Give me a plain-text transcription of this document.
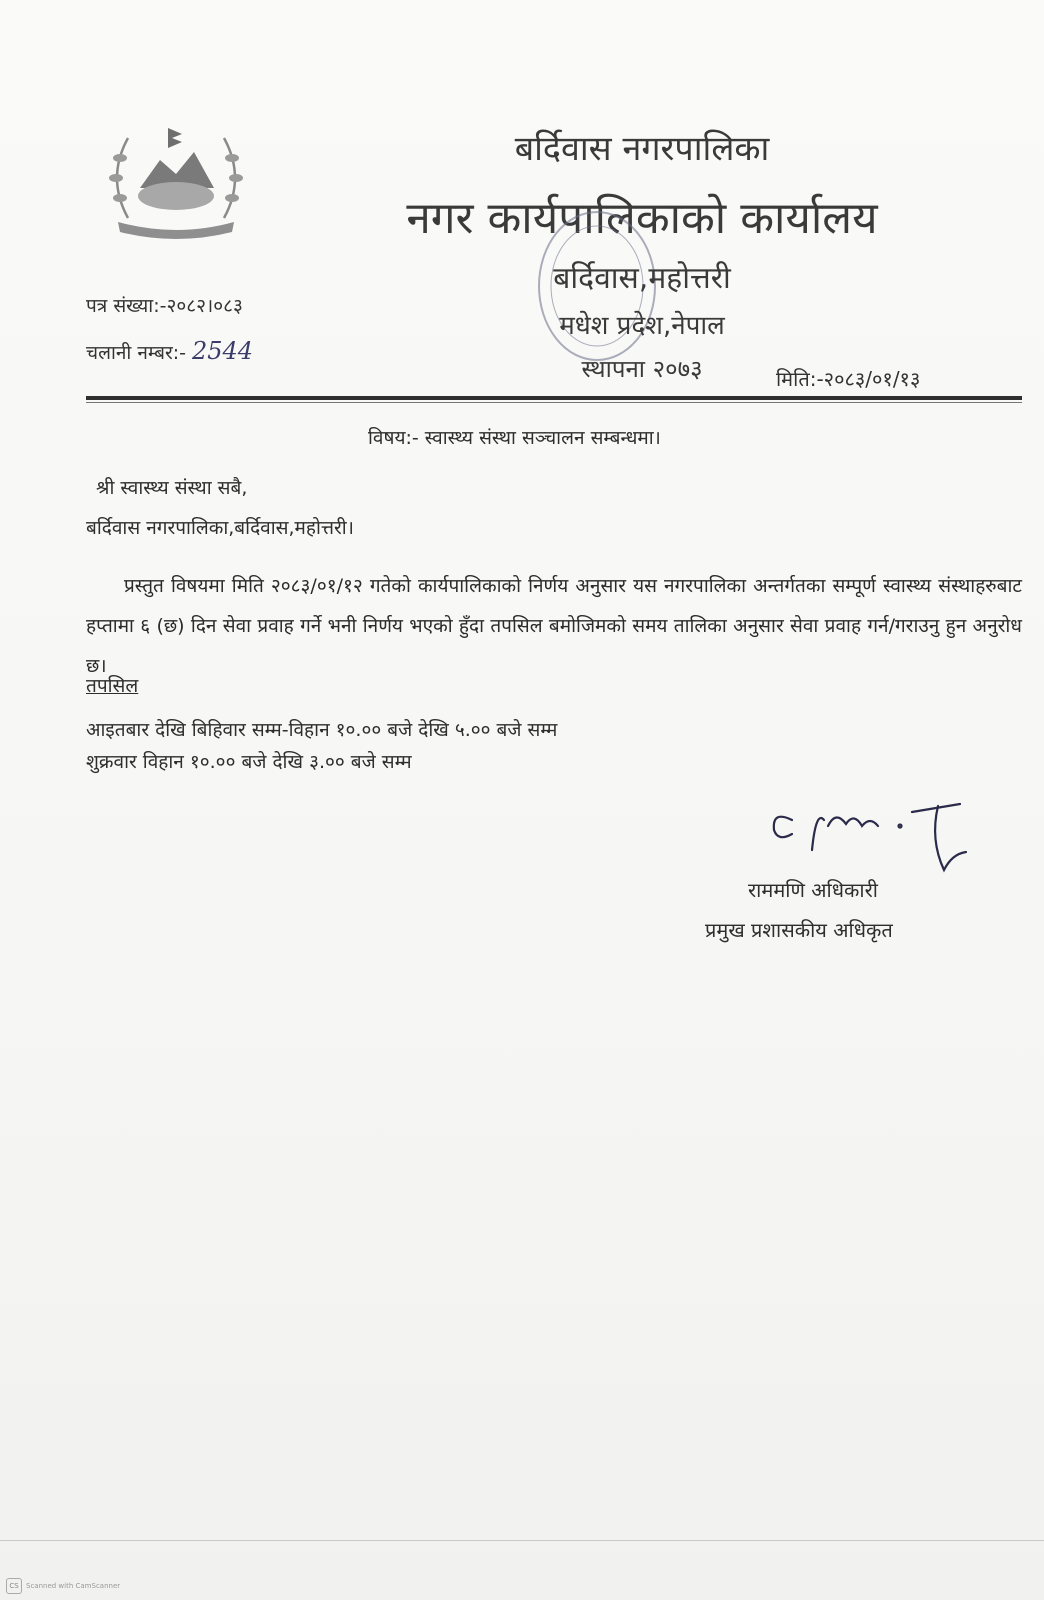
बर्दिवास नगरपालिका
नगर कार्यपालिकाको कार्यालय
बर्दिवास,महोत्तरी
मधेश प्रदेश,नेपाल
स्थापना २०७३
पत्र संख्या:-२०८२।०८३
चलानी नम्बर:- 2544
मिति:-२०८३/०१/१३
विषय:- स्वास्थ्य संस्था सञ्चालन सम्बन्धमा।
श्री स्वास्थ्य संस्था सबै,
बर्दिवास नगरपालिका,बर्दिवास,महोत्तरी।
प्रस्तुत विषयमा मिति २०८३/०१/१२ गतेको कार्यपालिकाको निर्णय अनुसार यस नगरपालिका अन्तर्गतका सम्पूर्ण स्वास्थ्य संस्थाहरुबाट हप्तामा ६ (छ) दिन सेवा प्रवाह गर्ने भनी निर्णय भएको हुँदा तपसिल बमोजिमको समय तालिका अनुसार सेवा प्रवाह गर्न/गराउनु हुन अनुरोध छ।
तपसिल
आइतबार देखि बिहिवार सम्म-विहान १०.०० बजे देखि ५.०० बजे सम्म
शुक्रवार विहान १०.०० बजे देखि ३.०० बजे सम्म
राममणि अधिकारी
प्रमुख प्रशासकीय अधिकृत
CS	Scanned with CamScanner
